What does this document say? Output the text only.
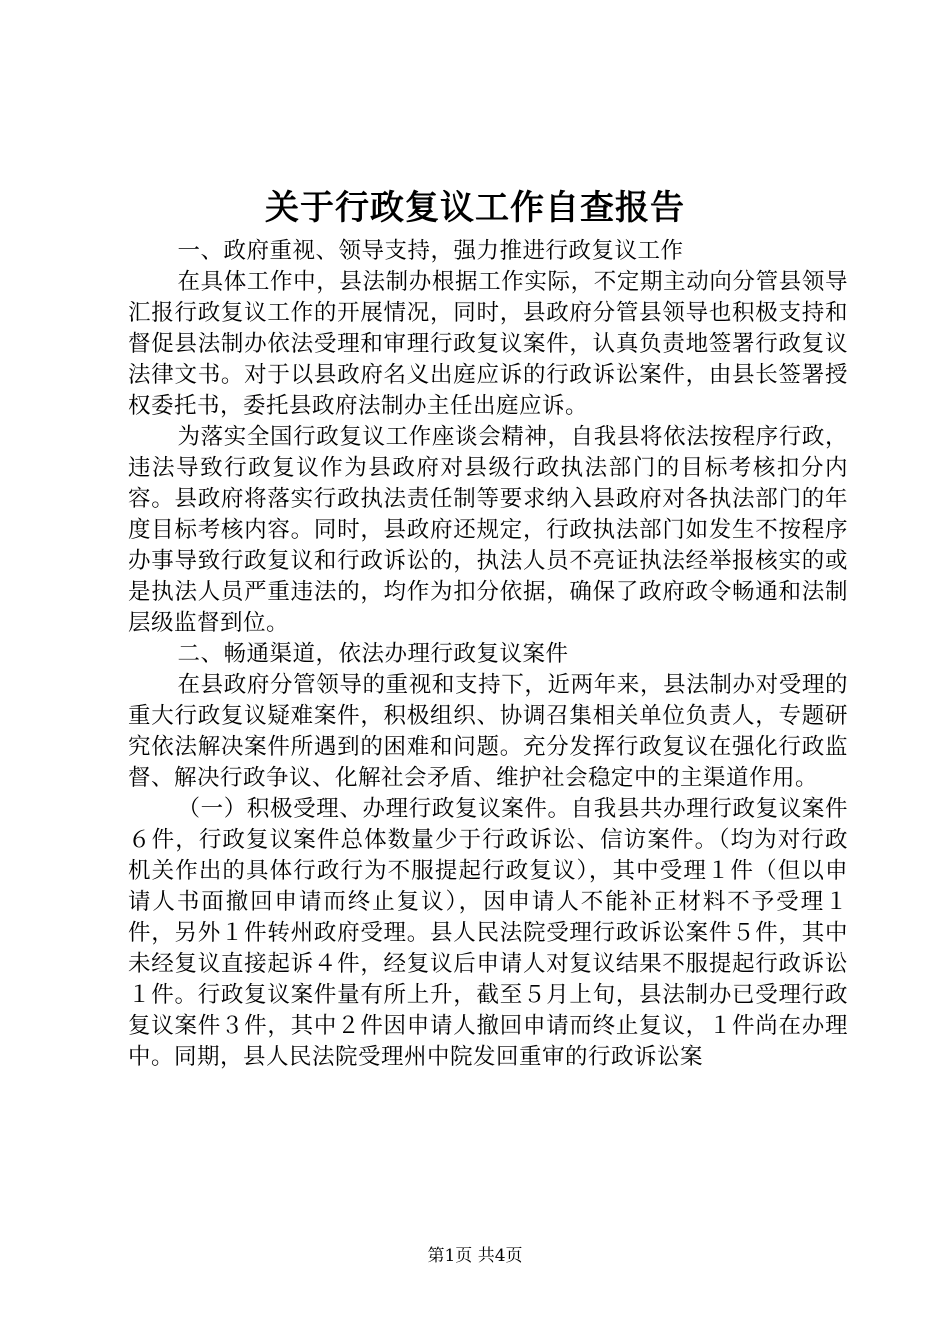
关于行政复议工作自查报告

一、政府重视、领导支持，强力推进行政复议工作

在具体工作中，县法制办根据工作实际，不定期主动向分管县领导汇报行政复议工作的开展情况，同时，县政府分管县领导也积极支持和督促县法制办依法受理和审理行政复议案件，认真负责地签署行政复议法律文书。对于以县政府名义出庭应诉的行政诉讼案件，由县长签署授权委托书，委托县政府法制办主任出庭应诉。

为落实全国行政复议工作座谈会精神，自我县将依法按程序行政，违法导致行政复议作为县政府对县级行政执法部门的目标考核扣分内容。县政府将落实行政执法责任制等要求纳入县政府对各执法部门的年度目标考核内容。同时，县政府还规定，行政执法部门如发生不按程序办事导致行政复议和行政诉讼的，执法人员不亮证执法经举报核实的或是执法人员严重违法的，均作为扣分依据，确保了政府政令畅通和法制层级监督到位。

二、畅通渠道，依法办理行政复议案件

在县政府分管领导的重视和支持下，近两年来，县法制办对受理的重大行政复议疑难案件，积极组织、协调召集相关单位负责人，专题研究依法解决案件所遇到的困难和问题。充分发挥行政复议在强化行政监督、解决行政争议、化解社会矛盾、维护社会稳定中的主渠道作用。

（一）积极受理、办理行政复议案件。自我县共办理行政复议案件６件，行政复议案件总体数量少于行政诉讼、信访案件。（均为对行政机关作出的具体行政行为不服提起行政复议），其中受理１件（但以申请人书面撤回申请而终止复议），因申请人不能补正材料不予受理１件，另外１件转州政府受理。县人民法院受理行政诉讼案件５件，其中未经复议直接起诉４件，经复议后申请人对复议结果不服提起行政诉讼１件。行政复议案件量有所上升，截至５月上旬，县法制办已受理行政复议案件３件，其中２件因申请人撤回申请而终止复议，１件尚在办理中。同期，县人民法院受理州中院发回重审的行政诉讼案

第1页 共4页
